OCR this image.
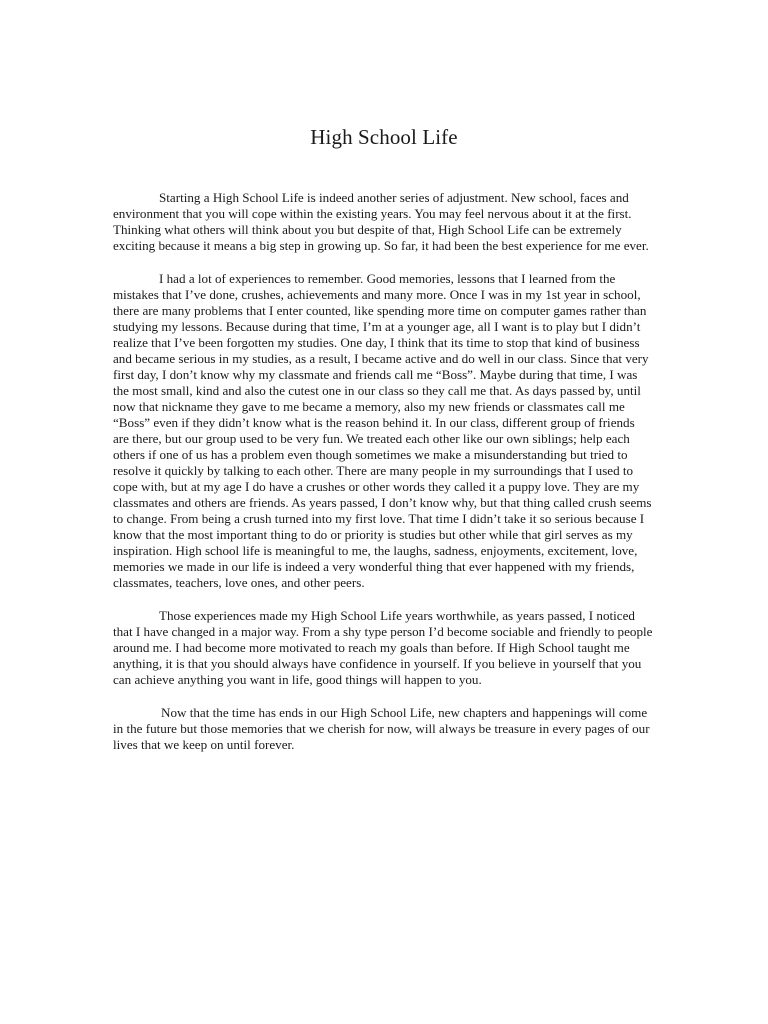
High School Life

Starting a High School Life is indeed another series of adjustment. New school, faces and environment that you will cope within the existing years. You may feel nervous about it at the first. Thinking what others will think about you but despite of that, High School Life can be extremely exciting because it means a big step in growing up. So far, it had been the best experience for me ever.

I had a lot of experiences to remember. Good memories, lessons that I learned from the mistakes that I’ve done, crushes, achievements and many more. Once I was in my 1st year in school, there are many problems that I enter counted, like spending more time on computer games rather than studying my lessons. Because during that time, I’m at a younger age, all I want is to play but I didn’t realize that I’ve been forgotten my studies. One day, I think that its time to stop that kind of business and became serious in my studies, as a result, I became active and do well in our class. Since that very first day, I don’t know why my classmate and friends call me “Boss”. Maybe during that time, I was the most small, kind and also the cutest one in our class so they call me that. As days passed by, until now that nickname they gave to me became a memory, also my new friends or classmates call me “Boss” even if they didn’t know what is the reason behind it. In our class, different group of friends are there, but our group used to be very fun. We treated each other like our own siblings; help each others if one of us has a problem even though sometimes we make a misunderstanding but tried to resolve it quickly by talking to each other. There are many people in my surroundings that I used to cope with, but at my age I do have a crushes or other words they called it a puppy love. They are my classmates and others are friends. As years passed, I don’t know why, but that thing called crush seems to change. From being a crush turned into my first love. That time I didn’t take it so serious because I know that the most important thing to do or priority is studies but other while that girl serves as my inspiration. High school life is meaningful to me, the laughs, sadness, enjoyments, excitement, love, memories we made in our life is indeed a very wonderful thing that ever happened with my friends, classmates, teachers, love ones, and other peers.

Those experiences made my High School Life years worthwhile, as years passed, I noticed that I have changed in a major way. From a shy type person I’d become sociable and friendly to people around me. I had become more motivated to reach my goals than before. If High School taught me anything, it is that you should always have confidence in yourself. If you believe in yourself that you can achieve anything you want in life, good things will happen to you.

Now that the time has ends in our High School Life, new chapters and happenings will come in the future but those memories that we cherish for now, will always be treasure in every pages of our lives that we keep on until forever.
